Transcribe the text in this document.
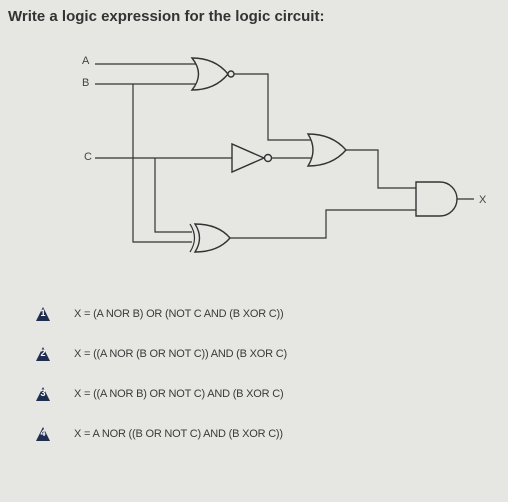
Write a logic expression for the logic circuit:
A
B
C
X
1	X = (A NOR B) OR (NOT C AND (B XOR C))
2	X = ((A NOR (B OR NOT C)) AND (B XOR C)
3	X = ((A NOR B) OR NOT C) AND (B XOR C)
4	X = A NOR ((B OR NOT C) AND (B XOR C))
